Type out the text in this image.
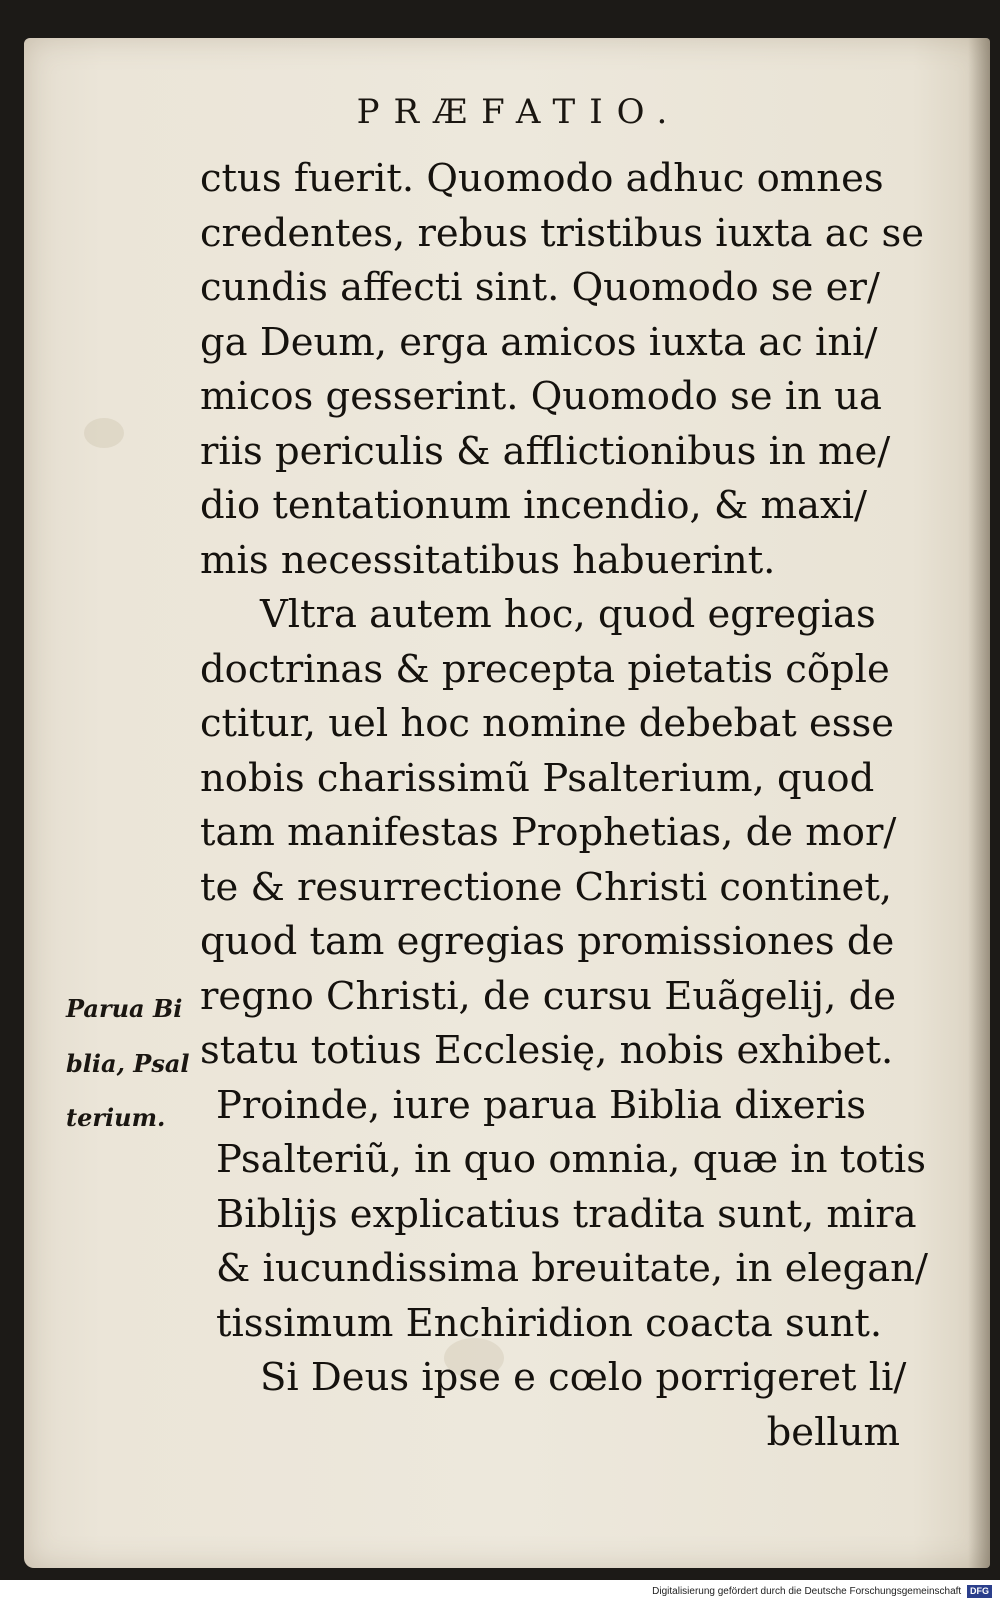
PRÆFATIO.
ctus fuerit. Quomodo adhuc omnes
credentes, rebus tristibus iuxta ac se
cundis affecti sint. Quomodo se er/
ga Deum, erga amicos iuxta ac ini/
micos gesserint. Quomodo se in ua
riis periculis & afflictionibus in me/
dio tentationum incendio, & maxi/
mis necessitatibus habuerint.
Vltra autem hoc, quod egregias
doctrinas & precepta pietatis cõple
ctitur, uel hoc nomine debebat esse
nobis charissimũ Psalterium, quod
tam manifestas Prophetias, de mor/
te & resurrectione Christi continet,
quod tam egregias promissiones de
regno Christi, de cursu Euãgelij, de
statu totius Ecclesię, nobis exhibet.
Proinde, iure parua Biblia dixeris
Psalteriũ, in quo omnia, quæ in totis
Biblijs explicatius tradita sunt, mira
& iucundissima breuitate, in elegan/
tissimum Enchiridion coacta sunt.
Si Deus ipse e cœlo porrigeret li/
bellum
Parua Bi
blia, Psal
terium.
Digitalisierung gefördert durch die Deutsche Forschungsgemeinschaft DFG
